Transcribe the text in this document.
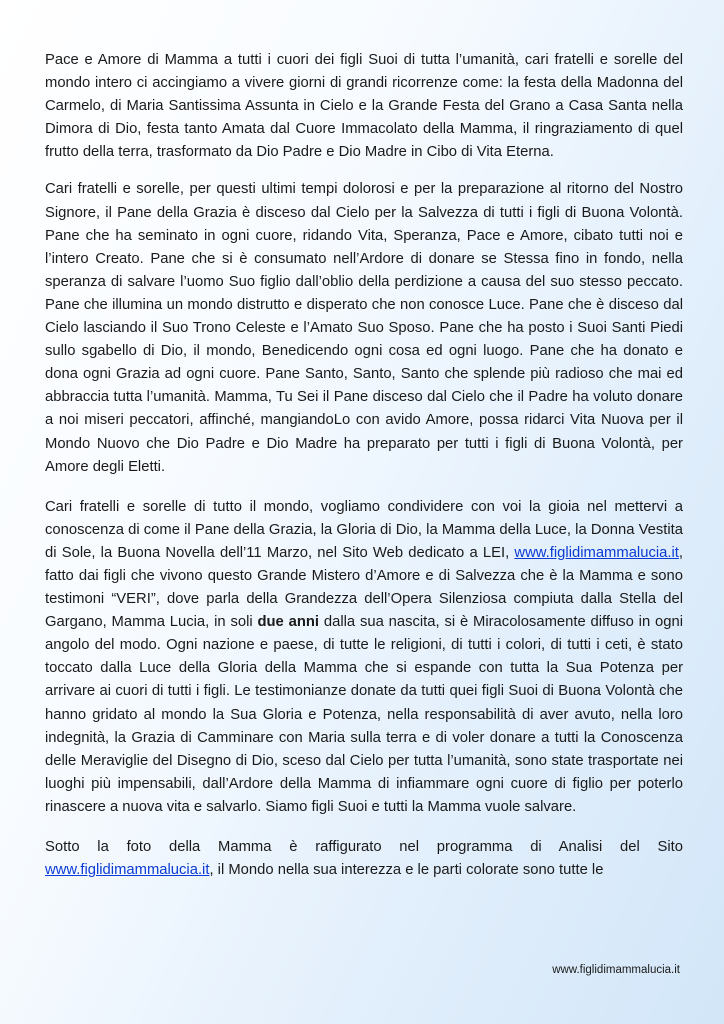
Pace e Amore di Mamma a tutti i cuori dei figli Suoi di tutta l’umanità, cari fratelli e sorelle del mondo intero ci accingiamo a vivere giorni di grandi ricorrenze come: la festa della Madonna del Carmelo, di Maria Santissima Assunta in Cielo e la Grande Festa del Grano a Casa Santa nella Dimora di Dio, festa tanto Amata dal Cuore Immacolato della Mamma, il ringraziamento di quel frutto della terra, trasformato da Dio Padre e Dio Madre in Cibo di Vita Eterna.

Cari fratelli e sorelle, per questi ultimi tempi dolorosi e per la preparazione al ritorno del Nostro Signore, il Pane della Grazia è disceso dal Cielo per la Salvezza di tutti i figli di Buona Volontà. Pane che ha seminato in ogni cuore, ridando Vita, Speranza, Pace e Amore, cibato tutti noi e l’intero Creato. Pane che si è consumato nell’Ardore di donare se Stessa fino in fondo, nella speranza di salvare l’uomo Suo figlio dall’oblio della perdizione a causa del suo stesso peccato. Pane che illumina un mondo distrutto e disperato che non conosce Luce. Pane che è disceso dal Cielo lasciando il Suo Trono Celeste e l’Amato Suo Sposo. Pane che ha posto i Suoi Santi Piedi sullo sgabello di Dio, il mondo, Benedicendo ogni cosa ed ogni luogo. Pane che ha donato e dona ogni Grazia ad ogni cuore. Pane Santo, Santo, Santo che splende più radioso che mai ed abbraccia tutta l’umanità. Mamma, Tu Sei il Pane disceso dal Cielo che il Padre ha voluto donare a noi miseri peccatori, affinché, mangiandoLo con avido Amore, possa ridarci Vita Nuova per il Mondo Nuovo che Dio Padre e Dio Madre ha preparato per tutti i figli di Buona Volontà, per Amore degli Eletti.

Cari fratelli e sorelle di tutto il mondo, vogliamo condividere con voi la gioia nel mettervi a conoscenza di come il Pane della Grazia, la Gloria di Dio, la Mamma della Luce, la Donna Vestita di Sole, la Buona Novella dell’11 Marzo, nel Sito Web dedicato a LEI, www.figlidimammalucia.it, fatto dai figli che vivono questo Grande Mistero d’Amore e di Salvezza che è la Mamma e sono testimoni “VERI”, dove parla della Grandezza dell’Opera Silenziosa compiuta dalla Stella del Gargano, Mamma Lucia, in soli due anni dalla sua nascita, si è Miracolosamente diffuso in ogni angolo del modo. Ogni nazione e paese, di tutte le religioni, di tutti i colori, di tutti i ceti, è stato toccato dalla Luce della Gloria della Mamma che si espande con tutta la Sua Potenza per arrivare ai cuori di tutti i figli. Le testimonianze donate da tutti quei figli Suoi di Buona Volontà che hanno gridato al mondo la Sua Gloria e Potenza, nella responsabilità di aver avuto, nella loro indegnità, la Grazia di Camminare con Maria sulla terra e di voler donare a tutti la Conoscenza delle Meraviglie del Disegno di Dio, sceso dal Cielo per tutta l’umanità, sono state trasportate nei luoghi più impensabili, dall’Ardore della Mamma di infiammare ogni cuore di figlio per poterlo rinascere a nuova vita e salvarlo. Siamo figli Suoi e tutti la Mamma vuole salvare.

Sotto la foto della Mamma è raffigurato nel programma di Analisi del Sito www.figlidimammalucia.it, il Mondo nella sua interezza e le parti colorate sono tutte le

www.figlidimammalucia.it
